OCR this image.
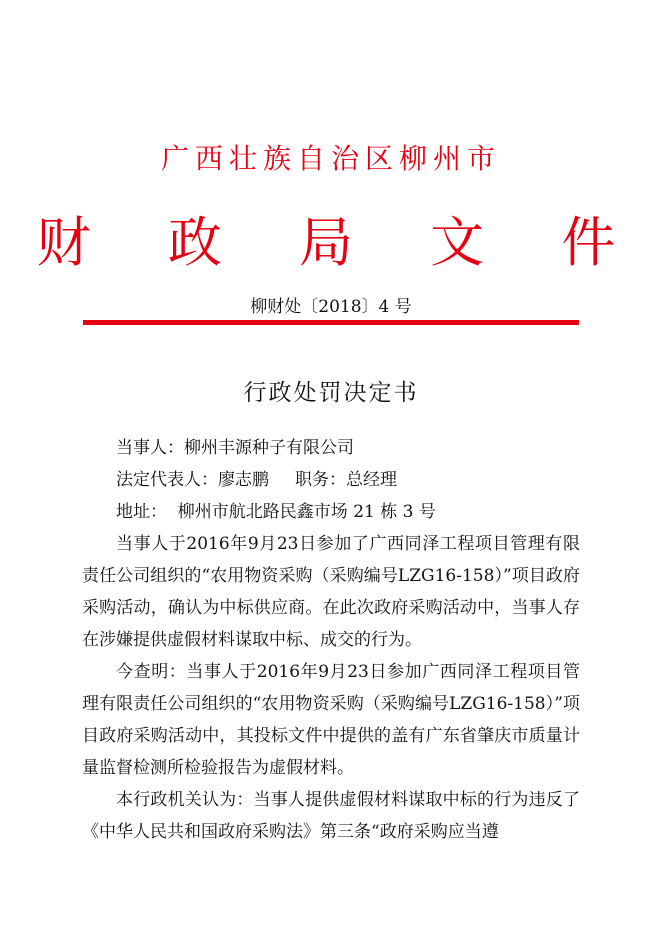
广西壮族自治区柳州市
财 政 局 文 件
柳财处〔2018〕4 号
行政处罚决定书

当事人：柳州丰源种子有限公司

法定代表人：廖志鹏 职务：总经理

地址：  柳州市航北路民鑫市场 21 栋 3 号

当事人于2016年9月23日参加了广西同泽工程项目管理有限责任公司组织的“农用物资采购（采购编号LZG16-158）”项目政府采购活动，确认为中标供应商。在此次政府采购活动中，当事人存在涉嫌提供虚假材料谋取中标、成交的行为。

今查明：当事人于2016年9月23日参加广西同泽工程项目管理有限责任公司组织的“农用物资采购（采购编号LZG16-158）”项目政府采购活动中，其投标文件中提供的盖有广东省肇庆市质量计量监督检测所检验报告为虚假材料。

本行政机关认为：当事人提供虚假材料谋取中标的行为违反了《中华人民共和国政府采购法》第三条“政府采购应当遵
